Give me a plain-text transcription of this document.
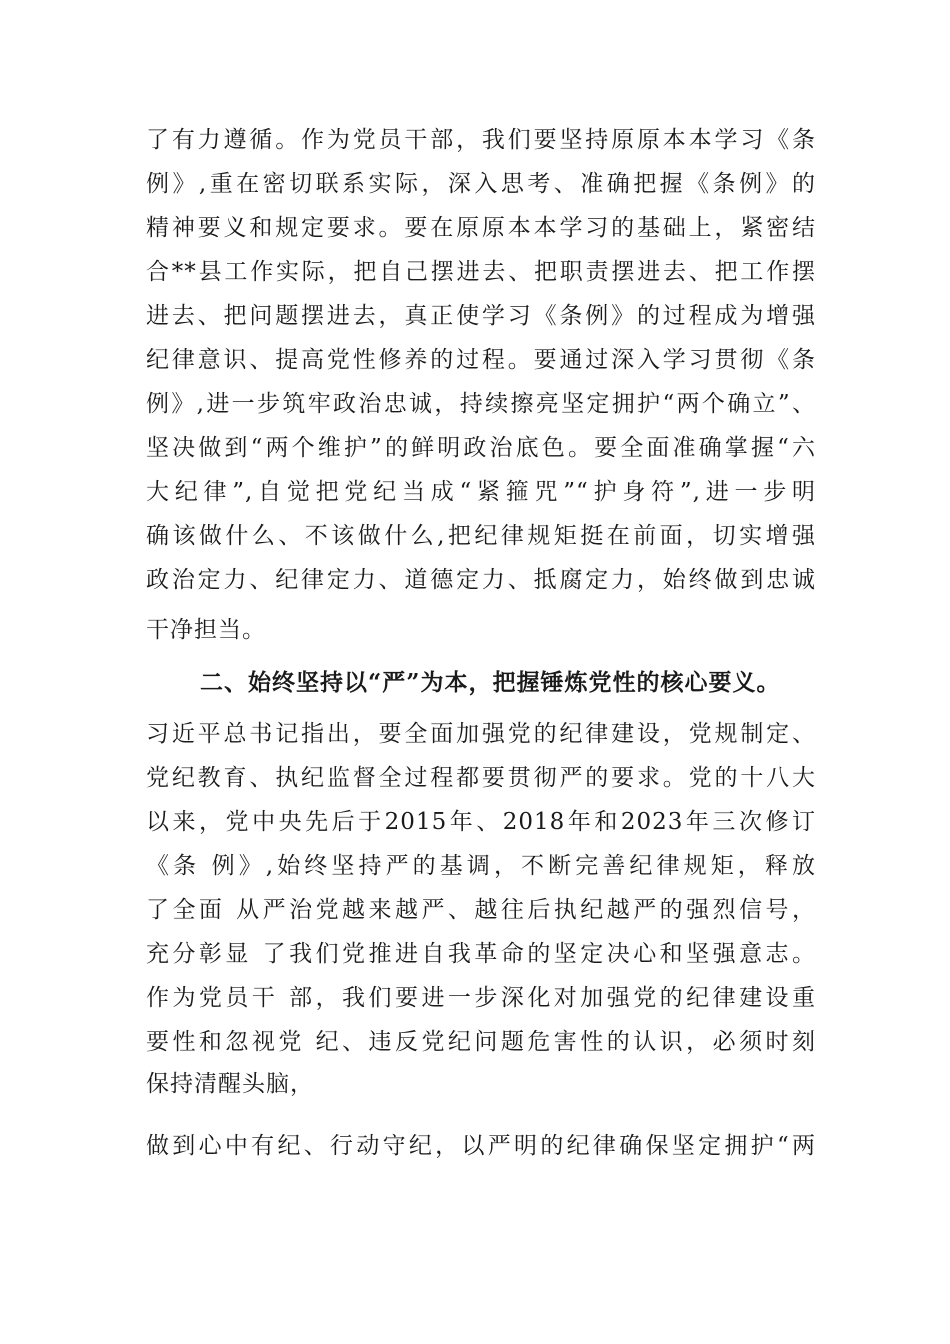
了有力遵循。作为党员干部，我们要坚持原原本本学习《条
例》,重在密切联系实际，深入思考、准确把握《条例》的
精神要义和规定要求。要在原原本本学习的基础上，紧密结
合**县工作实际，把自己摆进去、把职责摆进去、把工作摆
进去、把问题摆进去，真正使学习《条例》的过程成为增强
纪律意识、提高党性修养的过程。要通过深入学习贯彻《条
例》,进一步筑牢政治忠诚，持续擦亮坚定拥护“两个确立”、
坚决做到“两个维护”的鲜明政治底色。要全面准确掌握“六
大纪律”,自觉把党纪当成“紧箍咒”“护身符”,进一步明
确该做什么、不该做什么,把纪律规矩挺在前面，切实增强
政治定力、纪律定力、道德定力、抵腐定力，始终做到忠诚
干净担当。
二、始终坚持以“严”为本，把握锤炼党性的核心要义。
习近平总书记指出，要全面加强党的纪律建设，党规制定、
党纪教育、执纪监督全过程都要贯彻严的要求。党的十八大
以来，党中央先后于2015年、2018年和2023年三次修订
《条 例》,始终坚持严的基调，不断完善纪律规矩，释放
了全面 从严治党越来越严、越往后执纪越严的强烈信号，
充分彰显 了我们党推进自我革命的坚定决心和坚强意志。
作为党员干 部，我们要进一步深化对加强党的纪律建设重
要性和忽视党 纪、违反党纪问题危害性的认识，必须时刻
保持清醒头脑，
做到心中有纪、行动守纪，以严明的纪律确保坚定拥护“两
